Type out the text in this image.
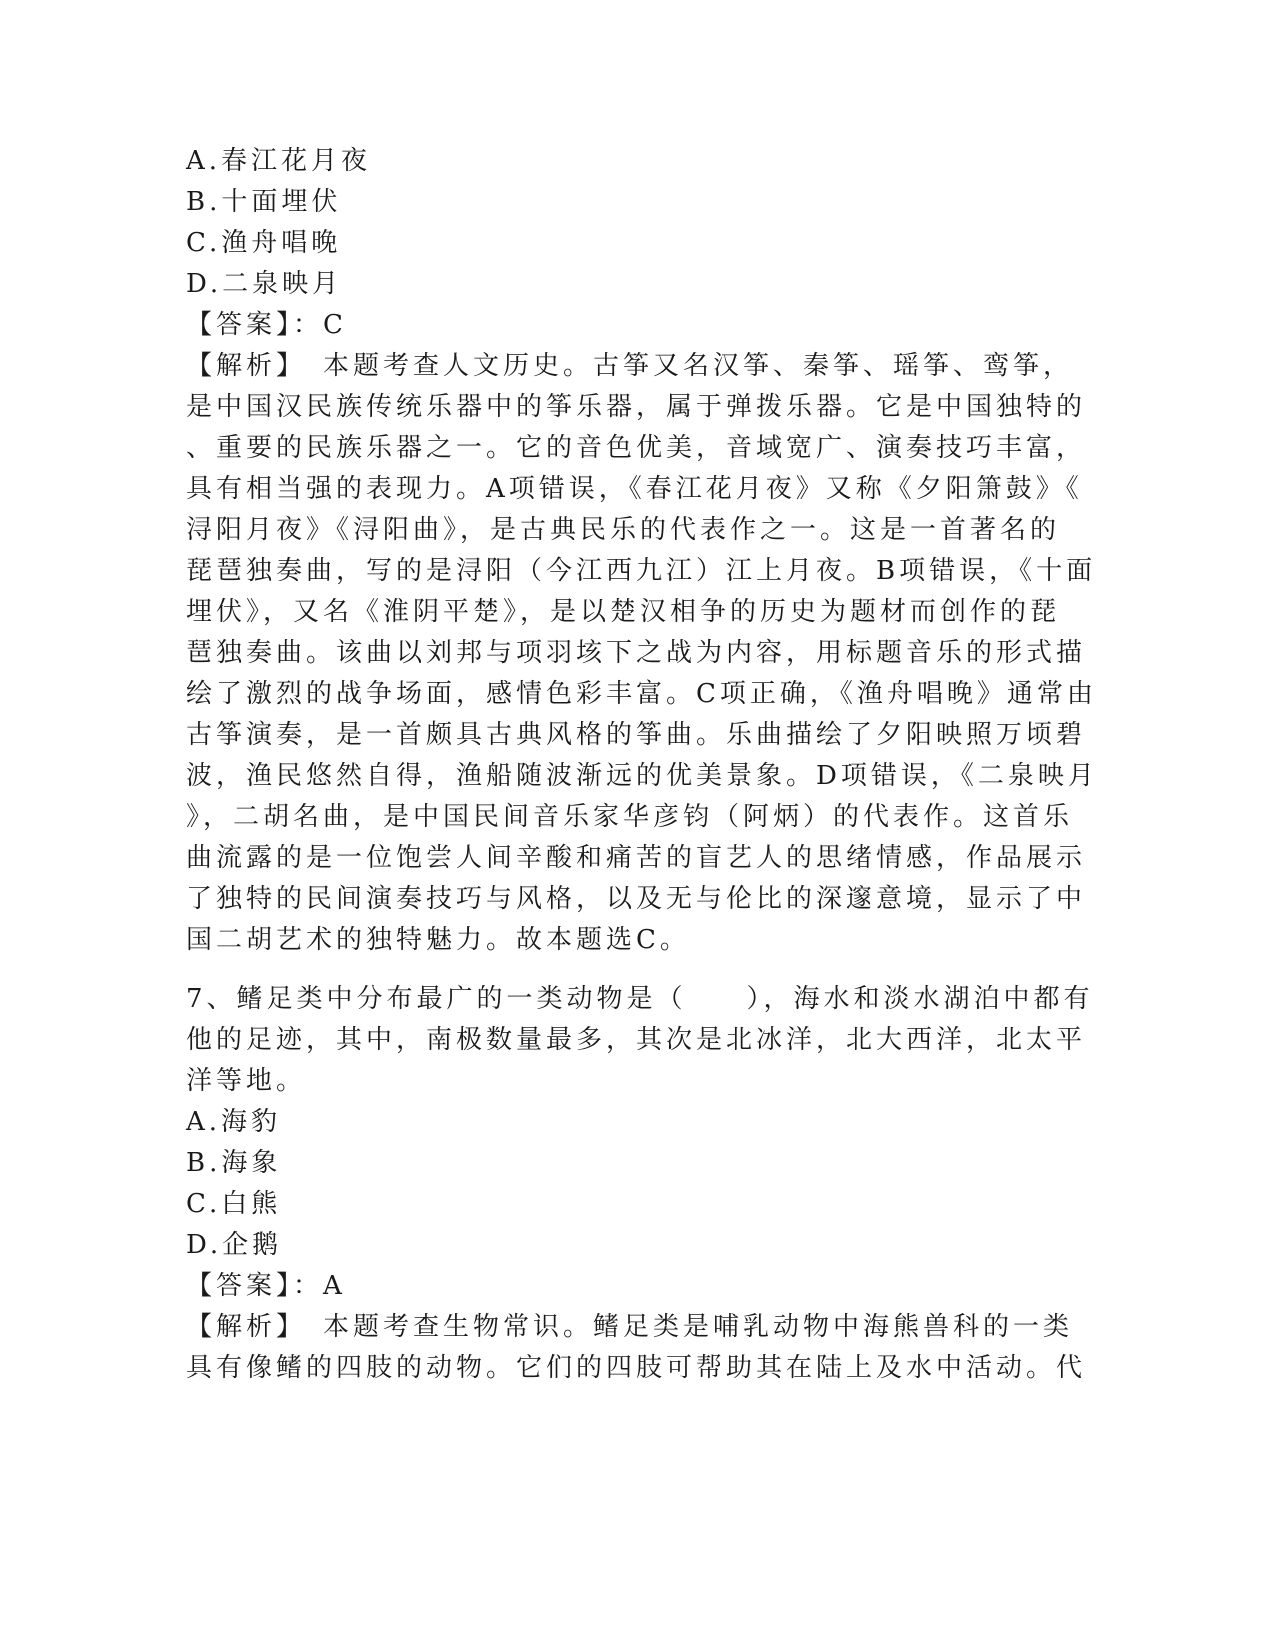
A.春江花月夜
B.十面埋伏
C.渔舟唱晚
D.二泉映月
【答案】：C
【解析】　本题考查人文历史。古筝又名汉筝、秦筝、瑶筝、鸾筝，
是中国汉民族传统乐器中的筝乐器，属于弹拨乐器。它是中国独特的
、重要的民族乐器之一。它的音色优美，音域宽广、演奏技巧丰富，
具有相当强的表现力。A项错误，《春江花月夜》又称《夕阳箫鼓》《
浔阳月夜》《浔阳曲》，是古典民乐的代表作之一。这是一首著名的
琵琶独奏曲，写的是浔阳（今江西九江）江上月夜。B项错误，《十面
埋伏》，又名《淮阴平楚》，是以楚汉相争的历史为题材而创作的琵
琶独奏曲。该曲以刘邦与项羽垓下之战为内容，用标题音乐的形式描
绘了激烈的战争场面，感情色彩丰富。C项正确，《渔舟唱晚》通常由
古筝演奏，是一首颇具古典风格的筝曲。乐曲描绘了夕阳映照万顷碧
波，渔民悠然自得，渔船随波渐远的优美景象。D项错误，《二泉映月
》，二胡名曲，是中国民间音乐家华彦钧（阿炳）的代表作。这首乐
曲流露的是一位饱尝人间辛酸和痛苦的盲艺人的思绪情感，作品展示
了独特的民间演奏技巧与风格，以及无与伦比的深邃意境，显示了中
国二胡艺术的独特魅力。故本题选C。
7、鳍足类中分布最广的一类动物是（　　），海水和淡水湖泊中都有
他的足迹，其中，南极数量最多，其次是北冰洋，北大西洋，北太平
洋等地。
A.海豹
B.海象
C.白熊
D.企鹅
【答案】：A
【解析】　本题考查生物常识。鳍足类是哺乳动物中海熊兽科的一类
具有像鳍的四肢的动物。它们的四肢可帮助其在陆上及水中活动。代
